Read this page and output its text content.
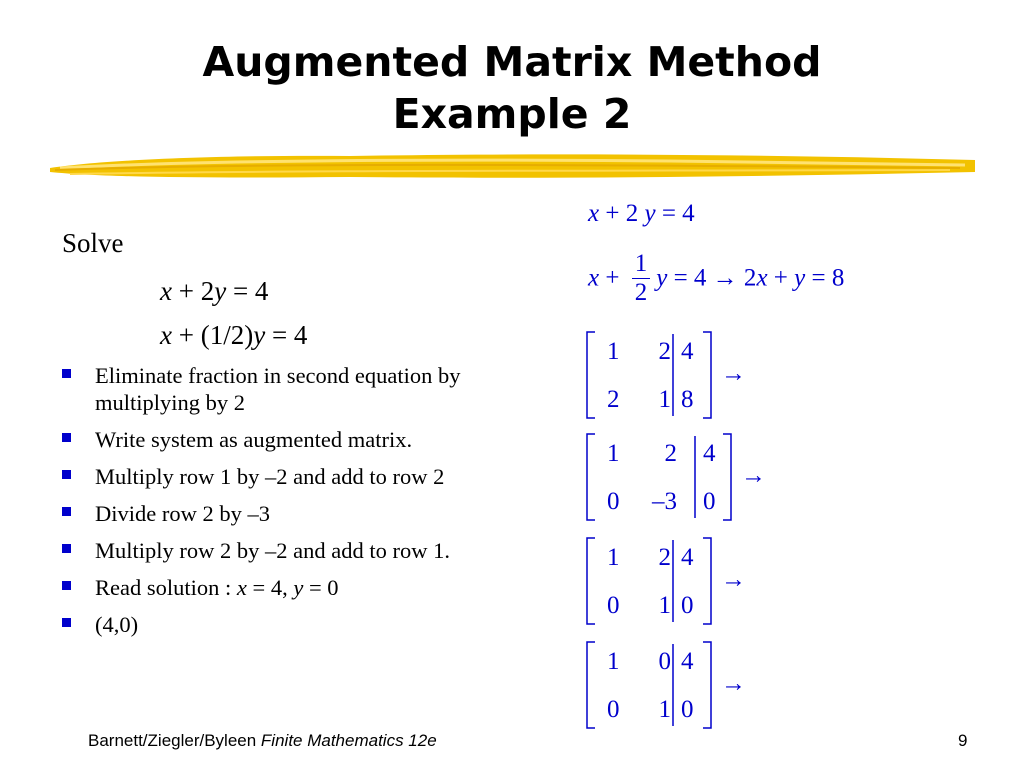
Augmented Matrix Method
Example 2
Solve
x + 2y = 4
x + (1/2)y = 4
Eliminate fraction in second equation by multiplying by 2
Write system as augmented matrix.
Multiply row 1 by –2 and add to row 2
Divide row 2 by –3
Multiply row 2 by –2 and add to row 1.
Read solution : x = 4, y = 0
(4,0)
x + 2 y = 4
$x + \frac{1}{2}$ y = 4 → 2x + y = 8
1 2 4
2 1 8
→
1 2 4
0 –3 0
→
1 2 4
0 1 0
→
1 0 4
0 1 0
→
Barnett/Ziegler/Byleen Finite Mathematics 12e	9
